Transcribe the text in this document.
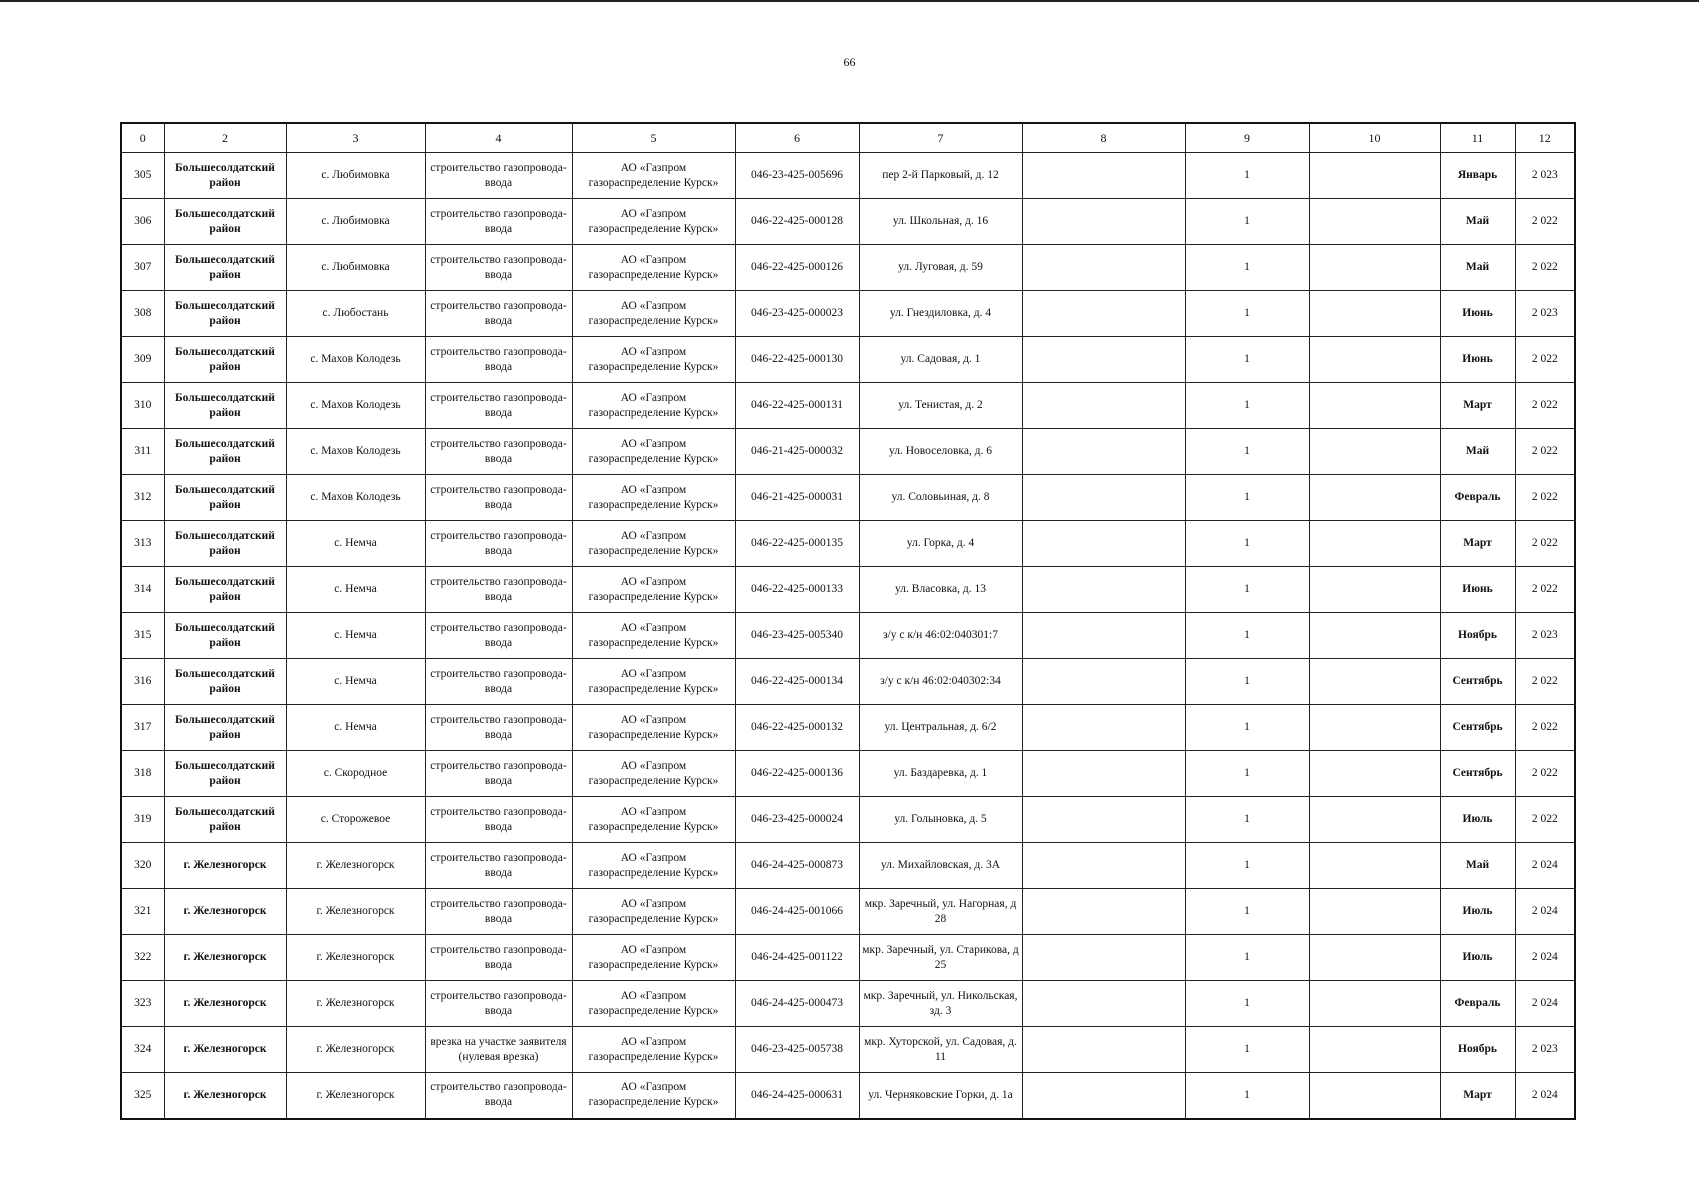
66
0	2	3	4	5	6	7	8	9	10	11	12
305	Большесолдатский район	с. Любимовка	строительство газопровода-ввода	АО «Газпром газораспределение Курск»	046-23-425-005696	пер 2-й Парковый, д. 12		1		Январь	2 023
306	Большесолдатский район	с. Любимовка	строительство газопровода-ввода	АО «Газпром газораспределение Курск»	046-22-425-000128	ул. Школьная, д. 16		1		Май	2 022
307	Большесолдатский район	с. Любимовка	строительство газопровода-ввода	АО «Газпром газораспределение Курск»	046-22-425-000126	ул. Луговая, д. 59		1		Май	2 022
308	Большесолдатский район	с. Любостань	строительство газопровода-ввода	АО «Газпром газораспределение Курск»	046-23-425-000023	ул. Гнездиловка, д. 4		1		Июнь	2 023
309	Большесолдатский район	с. Махов Колодезь	строительство газопровода-ввода	АО «Газпром газораспределение Курск»	046-22-425-000130	ул. Садовая, д. 1		1		Июнь	2 022
310	Большесолдатский район	с. Махов Колодезь	строительство газопровода-ввода	АО «Газпром газораспределение Курск»	046-22-425-000131	ул. Тенистая, д. 2		1		Март	2 022
311	Большесолдатский район	с. Махов Колодезь	строительство газопровода-ввода	АО «Газпром газораспределение Курск»	046-21-425-000032	ул. Новоселовка, д. 6		1		Май	2 022
312	Большесолдатский район	с. Махов Колодезь	строительство газопровода-ввода	АО «Газпром газораспределение Курск»	046-21-425-000031	ул. Соловьиная, д. 8		1		Февраль	2 022
313	Большесолдатский район	с. Немча	строительство газопровода-ввода	АО «Газпром газораспределение Курск»	046-22-425-000135	ул. Горка, д. 4		1		Март	2 022
314	Большесолдатский район	с. Немча	строительство газопровода-ввода	АО «Газпром газораспределение Курск»	046-22-425-000133	ул. Власовка, д. 13		1		Июнь	2 022
315	Большесолдатский район	с. Немча	строительство газопровода-ввода	АО «Газпром газораспределение Курск»	046-23-425-005340	з/у с к/н 46:02:040301:7		1		Ноябрь	2 023
316	Большесолдатский район	с. Немча	строительство газопровода-ввода	АО «Газпром газораспределение Курск»	046-22-425-000134	з/у с к/н 46:02:040302:34		1		Сентябрь	2 022
317	Большесолдатский район	с. Немча	строительство газопровода-ввода	АО «Газпром газораспределение Курск»	046-22-425-000132	ул. Центральная, д. 6/2		1		Сентябрь	2 022
318	Большесолдатский район	с. Скородное	строительство газопровода-ввода	АО «Газпром газораспределение Курск»	046-22-425-000136	ул. Баздаревка, д. 1		1		Сентябрь	2 022
319	Большесолдатский район	с. Сторожевое	строительство газопровода-ввода	АО «Газпром газораспределение Курск»	046-23-425-000024	ул. Голыновка, д. 5		1		Июль	2 022
320	г. Железногорск	г. Железногорск	строительство газопровода-ввода	АО «Газпром газораспределение Курск»	046-24-425-000873	ул. Михайловская, д. 3А		1		Май	2 024
321	г. Железногорск	г. Железногорск	строительство газопровода-ввода	АО «Газпром газораспределение Курск»	046-24-425-001066	мкр. Заречный, ул. Нагорная, д 28		1		Июль	2 024
322	г. Железногорск	г. Железногорск	строительство газопровода-ввода	АО «Газпром газораспределение Курск»	046-24-425-001122	мкр. Заречный, ул. Старикова, д 25		1		Июль	2 024
323	г. Железногорск	г. Железногорск	строительство газопровода-ввода	АО «Газпром газораспределение Курск»	046-24-425-000473	мкр. Заречный, ул. Никольская, зд. 3		1		Февраль	2 024
324	г. Железногорск	г. Железногорск	врезка на участке заявителя (нулевая врезка)	АО «Газпром газораспределение Курск»	046-23-425-005738	мкр. Хуторской, ул. Садовая, д. 11		1		Ноябрь	2 023
325	г. Железногорск	г. Железногорск	строительство газопровода-ввода	АО «Газпром газораспределение Курск»	046-24-425-000631	ул. Черняковские Горки, д. 1а		1		Март	2 024
